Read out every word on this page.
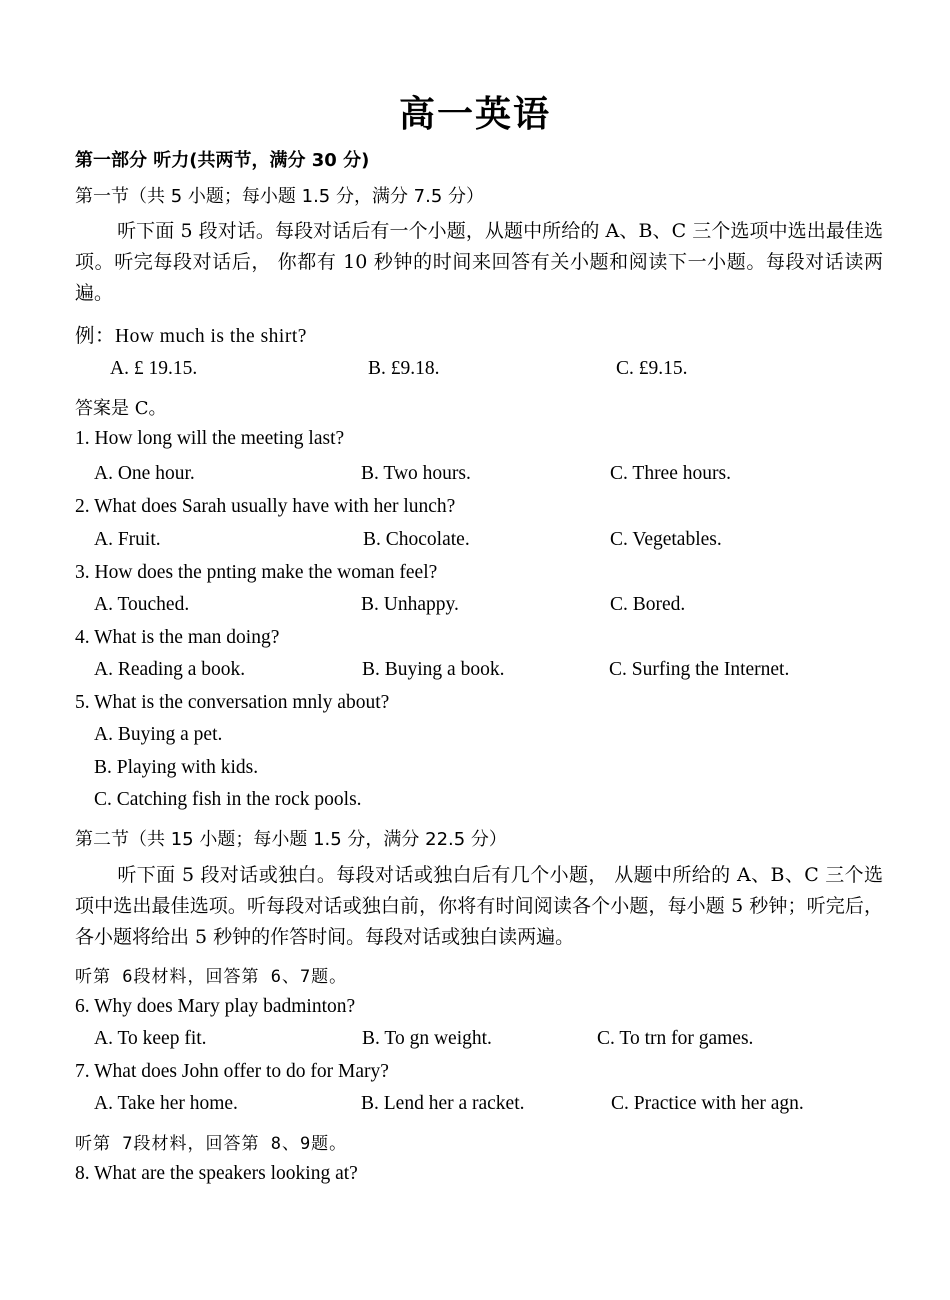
高一英语
第一部分 听力(共两节，满分 30 分)
第一节（共 5 小题；每小题 1.5 分，满分 7.5 分）
听下面 5 段对话。每段对话后有一个小题，从题中所给的 A、B、C 三个选项中选出最佳选项。听完每段对话后， 你都有 10 秒钟的时间来回答有关小题和阅读下一小题。每段对话读两遍。
例：How much is the shirt?
A. £ 19.15.	B. £9.18.	C. £9.15.
答案是 C。
1. How long will the meeting last?
A. One hour.	B. Two hours.	C. Three hours.
2. What does Sarah usually have with her lunch?
A. Fruit.	B. Chocolate.	C. Vegetables.
3. How does the pnting make the woman feel?
A. Touched.	B. Unhappy.	C. Bored.
4. What is the man doing?
A. Reading a book.	B. Buying a book.	C. Surfing the Internet.
5. What is the conversation mnly about?
A. Buying a pet.
B. Playing with kids.
C. Catching fish in the rock pools.
第二节（共 15 小题；每小题 1.5 分，满分 22.5 分）
听下面 5 段对话或独白。每段对话或独白后有几个小题， 从题中所给的 A、B、C 三个选项中选出最佳选项。听每段对话或独白前，你将有时间阅读各个小题，每小题 5 秒钟；听完后，各小题将给出 5 秒钟的作答时间。每段对话或独白读两遍。
听第 6段材料，回答第 6、7题。
6. Why does Mary play badminton?
A. To keep fit.	B. To gn weight.	C. To trn for games.
7. What does John offer to do for Mary?
A. Take her home.	B. Lend her a racket.	C. Practice with her agn.
听第 7段材料，回答第 8、9题。
8. What are the speakers looking at?
